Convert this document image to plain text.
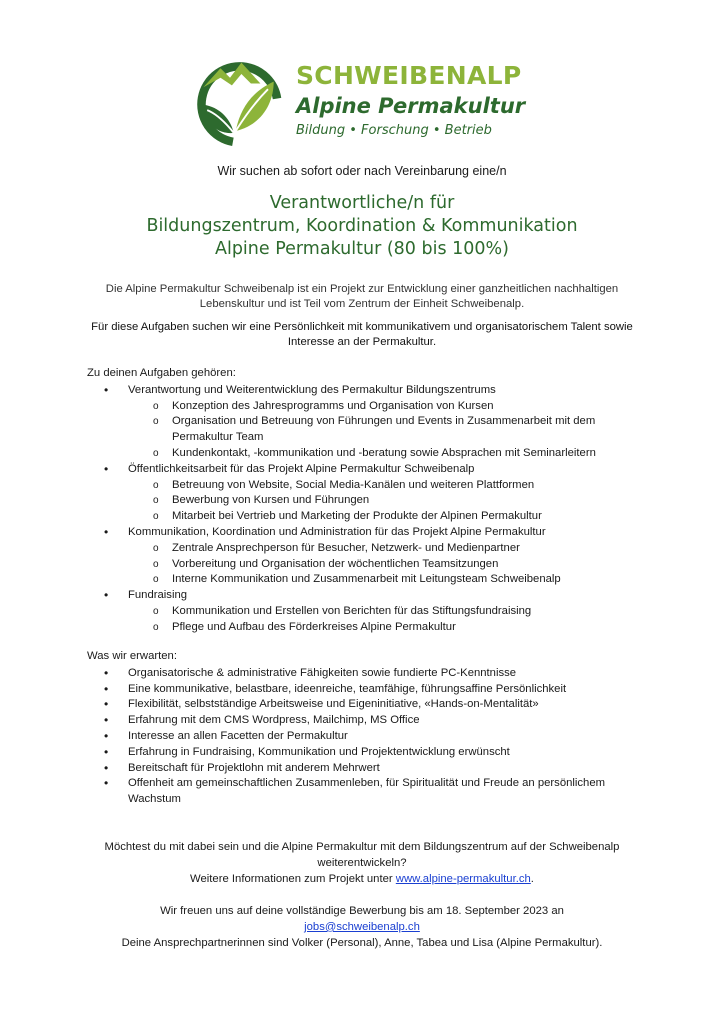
SCHWEIBENALP
Alpine Permakultur
Bildung • Forschung • Betrieb
Wir suchen ab sofort oder nach Vereinbarung eine/n
Verantwortliche/n für
Bildungszentrum, Koordination & Kommunikation
Alpine Permakultur (80 bis 100%)
Die Alpine Permakultur Schweibenalp ist ein Projekt zur Entwicklung einer ganzheitlichen nachhaltigen Lebenskultur und ist Teil vom Zentrum der Einheit Schweibenalp.
Für diese Aufgaben suchen wir eine Persönlichkeit mit kommunikativem und organisatorischem Talent sowie Interesse an der Permakultur.
Zu deinen Aufgaben gehören:
• Verantwortung und Weiterentwicklung des Permakultur Bildungszentrums
o Konzeption des Jahresprogramms und Organisation von Kursen
o Organisation und Betreuung von Führungen und Events in Zusammenarbeit mit dem Permakultur Team
o Kundenkontakt, -kommunikation und -beratung sowie Absprachen mit Seminarleitern
• Öffentlichkeitsarbeit für das Projekt Alpine Permakultur Schweibenalp
o Betreuung von Website, Social Media-Kanälen und weiteren Plattformen
o Bewerbung von Kursen und Führungen
o Mitarbeit bei Vertrieb und Marketing der Produkte der Alpinen Permakultur
• Kommunikation, Koordination und Administration für das Projekt Alpine Permakultur
o Zentrale Ansprechperson für Besucher, Netzwerk- und Medienpartner
o Vorbereitung und Organisation der wöchentlichen Teamsitzungen
o Interne Kommunikation und Zusammenarbeit mit Leitungsteam Schweibenalp
• Fundraising
o Kommunikation und Erstellen von Berichten für das Stiftungsfundraising
o Pflege und Aufbau des Förderkreises Alpine Permakultur
Was wir erwarten:
• Organisatorische & administrative Fähigkeiten sowie fundierte PC-Kenntnisse
• Eine kommunikative, belastbare, ideenreiche, teamfähige, führungsaffine Persönlichkeit
• Flexibilität, selbstständige Arbeitsweise und Eigeninitiative, «Hands-on-Mentalität»
• Erfahrung mit dem CMS Wordpress, Mailchimp, MS Office
• Interesse an allen Facetten der Permakultur
• Erfahrung in Fundraising, Kommunikation und Projektentwicklung erwünscht
• Bereitschaft für Projektlohn mit anderem Mehrwert
• Offenheit am gemeinschaftlichen Zusammenleben, für Spiritualität und Freude an persönlichem Wachstum
Möchtest du mit dabei sein und die Alpine Permakultur mit dem Bildungszentrum auf der Schweibenalp weiterentwickeln?
Weitere Informationen zum Projekt unter www.alpine-permakultur.ch.
Wir freuen uns auf deine vollständige Bewerbung bis am 18. September 2023 an
jobs@schweibenalp.ch
Deine Ansprechpartnerinnen sind Volker (Personal), Anne, Tabea und Lisa (Alpine Permakultur).
